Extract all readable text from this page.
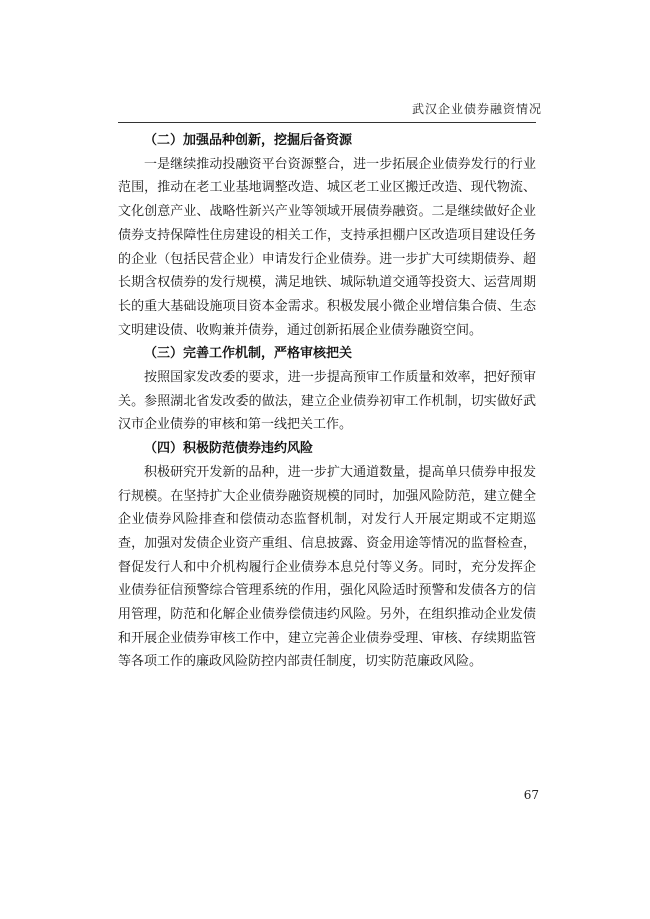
武汉企业债券融资情况
（二）加强品种创新，挖掘后备资源

一是继续推动投融资平台资源整合，进一步拓展企业债券发行的行业范围，推动在老工业基地调整改造、城区老工业区搬迁改造、现代物流、文化创意产业、战略性新兴产业等领域开展债券融资。二是继续做好企业债券支持保障性住房建设的相关工作，支持承担棚户区改造项目建设任务的企业（包括民营企业）申请发行企业债券。进一步扩大可续期债券、超长期含权债券的发行规模，满足地铁、城际轨道交通等投资大、运营周期长的重大基础设施项目资本金需求。积极发展小微企业增信集合债、生态文明建设债、收购兼并债券，通过创新拓展企业债券融资空间。

（三）完善工作机制，严格审核把关

按照国家发改委的要求，进一步提高预审工作质量和效率，把好预审关。参照湖北省发改委的做法，建立企业债券初审工作机制，切实做好武汉市企业债券的审核和第一线把关工作。

（四）积极防范债券违约风险

积极研究开发新的品种，进一步扩大通道数量，提高单只债券申报发行规模。在坚持扩大企业债券融资规模的同时，加强风险防范，建立健全企业债券风险排查和偿债动态监督机制，对发行人开展定期或不定期巡查，加强对发债企业资产重组、信息披露、资金用途等情况的监督检查，督促发行人和中介机构履行企业债券本息兑付等义务。同时，充分发挥企业债券征信预警综合管理系统的作用，强化风险适时预警和发债各方的信用管理，防范和化解企业债券偿债违约风险。另外，在组织推动企业发债和开展企业债券审核工作中，建立完善企业债券受理、审核、存续期监管等各项工作的廉政风险防控内部责任制度，切实防范廉政风险。

67
